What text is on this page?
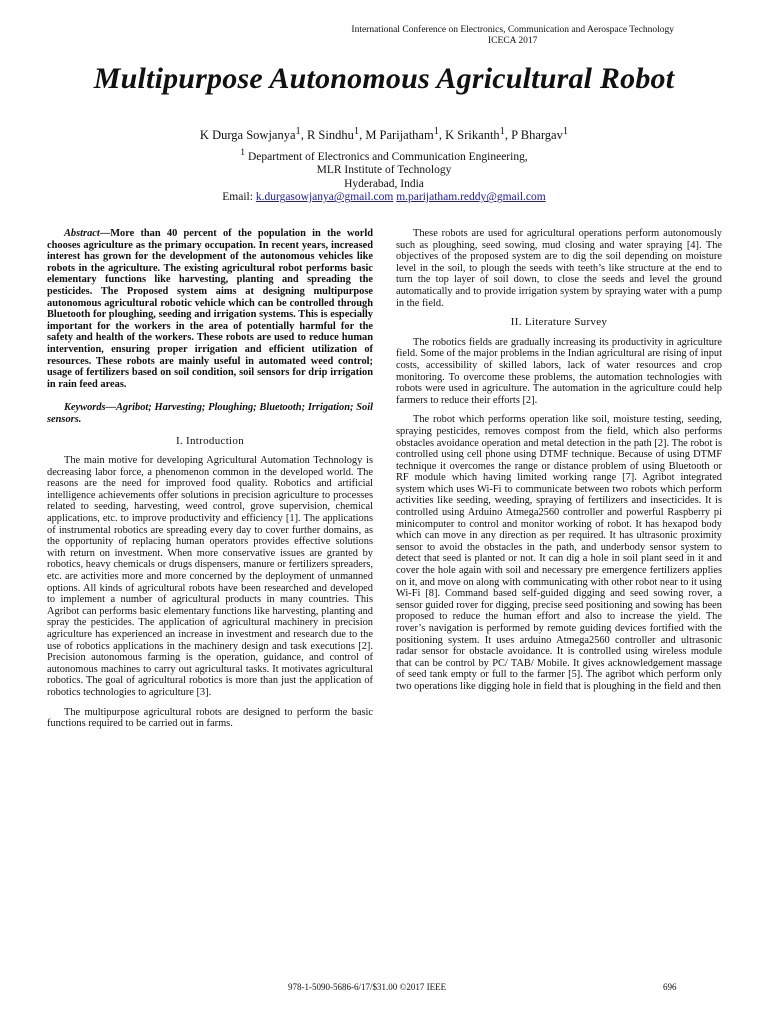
International Conference on Electronics, Communication and Aerospace Technology
ICECA 2017
Multipurpose Autonomous Agricultural Robot
K Durga Sowjanya$^1$, R Sindhu$^1$, M Parijatham$^1$, K Srikanth$^1$, P Bhargav$^1$
$^1$ Department of Electronics and Communication Engineering,
MLR Institute of Technology
Hyderabad, India
Email: k.durgasowjanya@gmail.com m.parijatham.reddy@gmail.com

Abstract—More than 40 percent of the population in the world chooses agriculture as the primary occupation. In recent years, increased interest has grown for the development of the autonomous vehicles like robots in the agriculture. The existing agricultural robot performs basic elementary functions like harvesting, planting and spreading the pesticides. The Proposed system aims at designing multipurpose autonomous agricultural robotic vehicle which can be controlled through Bluetooth for ploughing, seeding and irrigation systems. This is especially important for the workers in the area of potentially harmful for the safety and health of the workers. These robots are used to reduce human intervention, ensuring proper irrigation and efficient utilization of resources. These robots are mainly useful in automated weed control; usage of fertilizers based on soil condition, soil sensors for drip irrigation in rain feed areas.

Keywords—Agribot; Harvesting; Ploughing; Bluetooth; Irrigation; Soil sensors.

I. Introduction

The main motive for developing Agricultural Automation Technology is decreasing labor force, a phenomenon common in the developed world. The reasons are the need for improved food quality. Robotics and artificial intelligence achievements offer solutions in precision agriculture to processes related to seeding, harvesting, weed control, grove supervision, chemical applications, etc. to improve productivity and efficiency [1]. The applications of instrumental robotics are spreading every day to cover further domains, as the opportunity of replacing human operators provides effective solutions with return on investment. When more conservative issues are granted by robotics, heavy chemicals or drugs dispensers, manure or fertilizers spreaders, etc. are activities more and more concerned by the deployment of unmanned options. All kinds of agricultural robots have been researched and developed to implement a number of agricultural products in many countries. This Agribot can performs basic elementary functions like harvesting, planting and spray the pesticides. The application of agricultural machinery in precision agriculture has experienced an increase in investment and research due to the use of robotics applications in the machinery design and task executions [2]. Precision autonomous farming is the operation, guidance, and control of autonomous machines to carry out agricultural tasks. It motivates agricultural robotics. The goal of agricultural robotics is more than just the application of robotics technologies to agriculture [3].

The multipurpose agricultural robots are designed to perform the basic functions required to be carried out in farms.

These robots are used for agricultural operations perform autonomously such as ploughing, seed sowing, mud closing and water spraying [4]. The objectives of the proposed system are to dig the soil depending on moisture level in the soil, to plough the seeds with teeth’s like structure at the end to turn the top layer of soil down, to close the seeds and level the ground automatically and to provide irrigation system by spraying water with a pump in the field.

II. Literature Survey

The robotics fields are gradually increasing its productivity in agriculture field. Some of the major problems in the Indian agricultural are rising of input costs, accessibility of skilled labors, lack of water resources and crop monitoring. To overcome these problems, the automation technologies with robots were used in agriculture. The automation in the agriculture could help farmers to reduce their efforts [2].

The robot which performs operation like soil, moisture testing, seeding, spraying pesticides, removes compost from the field, which also performs obstacles avoidance operation and metal detection in the path [2]. The robot is controlled using cell phone using DTMF technique. Because of using DTMF technique it overcomes the range or distance problem of using Bluetooth or RF module which having limited working range [7]. Agribot integrated system which uses Wi-Fi to communicate between two robots which perform activities like seeding, weeding, spraying of fertilizers and insecticides. It is controlled using Arduino Atmega2560 controller and powerful Raspberry pi minicomputer to control and monitor working of robot. It has hexapod body which can move in any direction as per required. It has ultrasonic proximity sensor to avoid the obstacles in the path, and underbody sensor system to detect that seed is planted or not. It can dig a hole in soil plant seed in it and cover the hole again with soil and necessary pre emergence fertilizers applies on it, and move on along with communicating with other robot near to it using Wi-Fi [8]. Command based self-guided digging and seed sowing rover, a sensor guided rover for digging, precise seed positioning and sowing has been proposed to reduce the human effort and also to increase the yield. The rover’s navigation is performed by remote guiding devices fortified with the positioning system. It uses arduino Atmega2560 controller and ultrasonic radar sensor for obstacle avoidance. It is controlled using wireless module that can be control by PC/ TAB/ Mobile. It gives acknowledgement massage of seed tank empty or full to the farmer [5]. The agribot which perform only two operations like digging hole in field that is ploughing in the field and then

978-1-5090-5686-6/17/$31.00 ©2017 IEEE	696
